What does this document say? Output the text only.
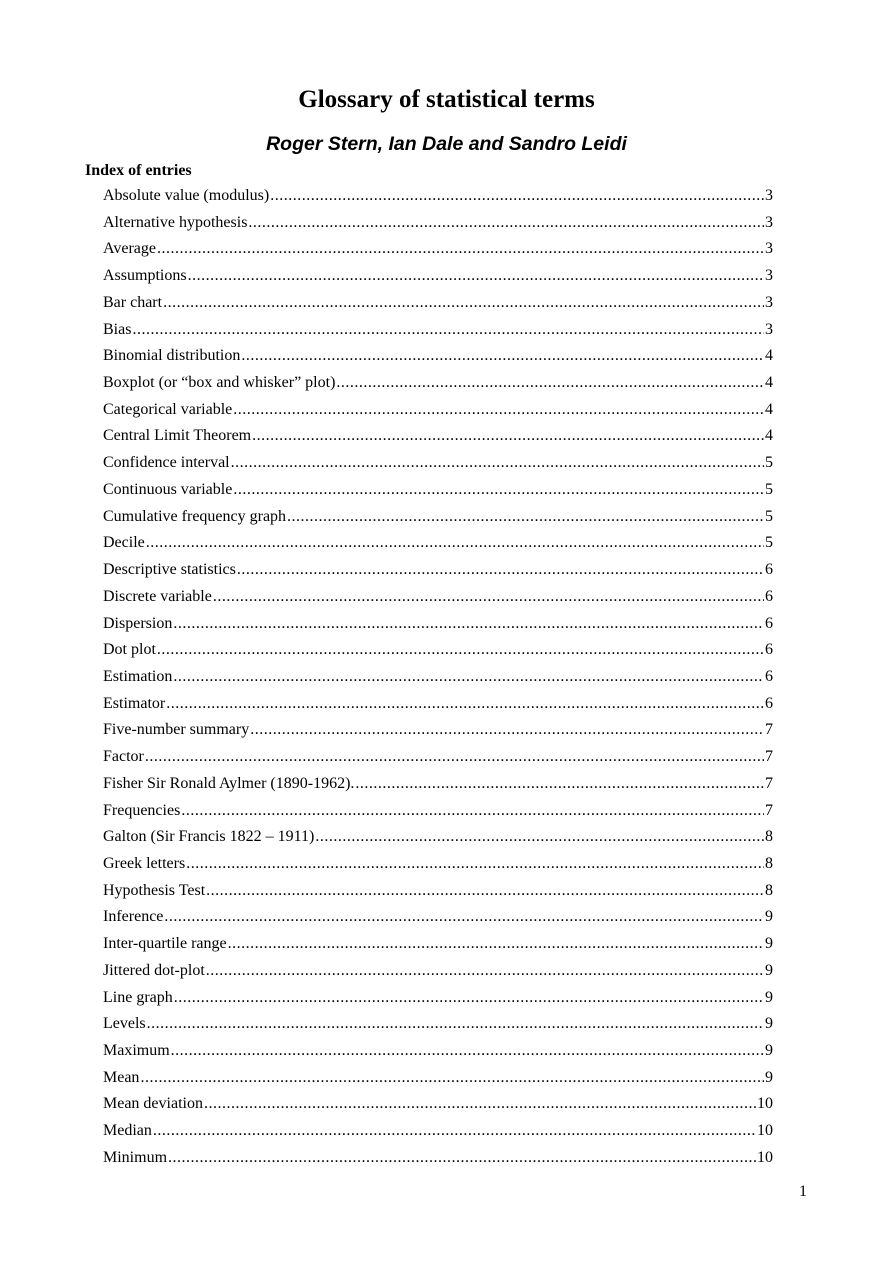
Glossary of statistical terms
Roger Stern, Ian Dale and Sandro Leidi
Index of entries
Absolute value (modulus) .....	3
Alternative hypothesis .....	3
Average .....	3
Assumptions .....	3
Bar chart .....	3
Bias .....	3
Binomial distribution .....	4
Boxplot (or “box and whisker” plot) .....	4
Categorical variable .....	4
Central Limit Theorem .....	4
Confidence interval .....	5
Continuous variable .....	5
Cumulative frequency graph .....	5
Decile .....	5
Descriptive statistics .....	6
Discrete variable .....	6
Dispersion .....	6
Dot plot .....	6
Estimation .....	6
Estimator .....	6
Five-number summary .....	7
Factor .....	7
Fisher Sir Ronald Aylmer (1890-1962). .....	7
Frequencies .....	7
Galton (Sir Francis 1822 – 1911) .....	8
Greek letters .....	8
Hypothesis Test .....	8
Inference .....	9
Inter-quartile range .....	9
Jittered dot-plot .....	9
Line graph .....	9
Levels .....	9
Maximum .....	9
Mean .....	9
Mean deviation .....	10
Median .....	10
Minimum .....	10
1
